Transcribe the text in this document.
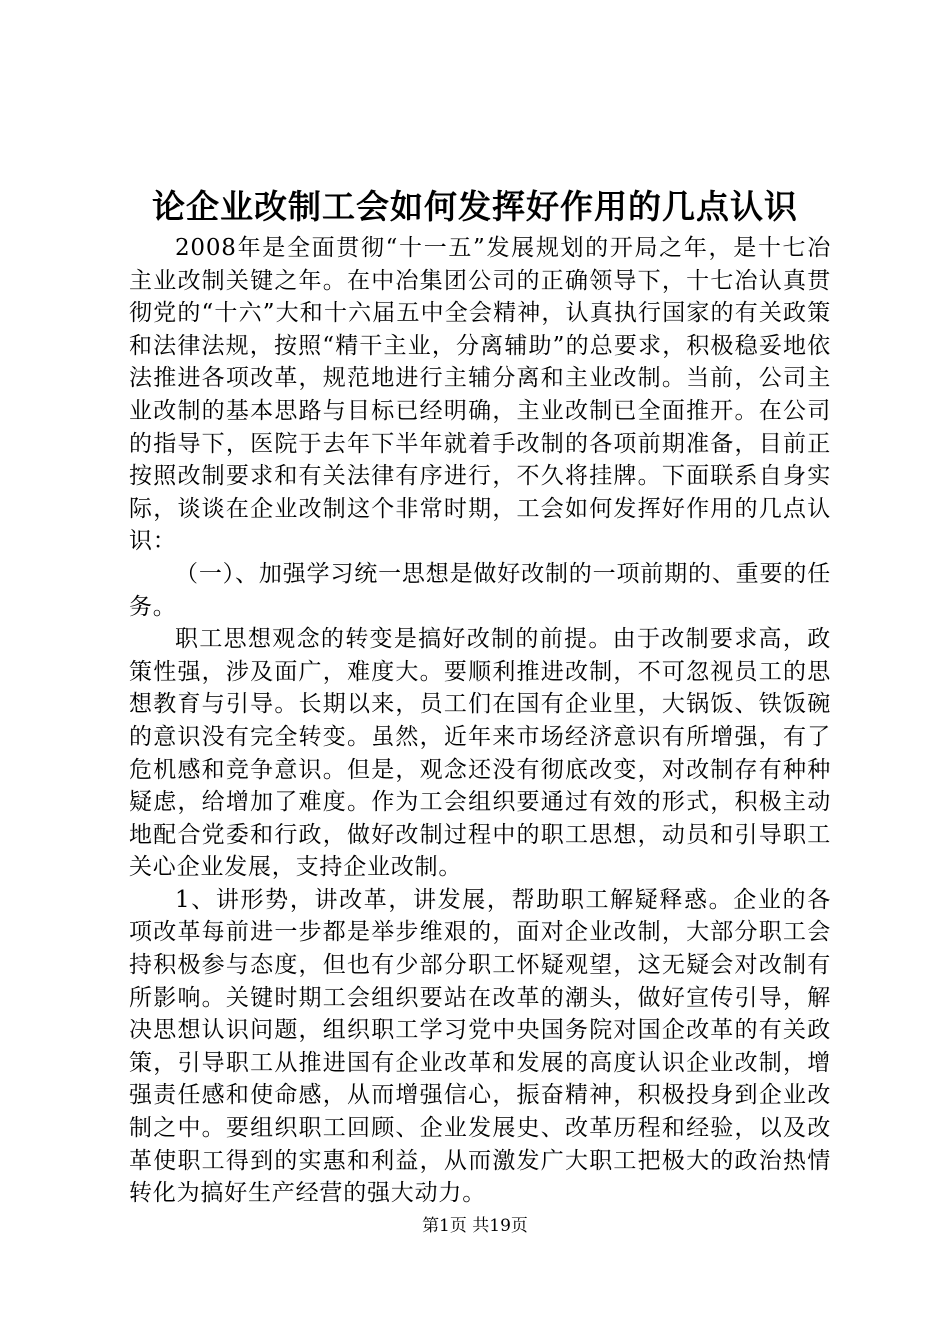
论企业改制工会如何发挥好作用的几点认识

2008年是全面贯彻“十一五”发展规划的开局之年，是十七冶主业改制关键之年。在中冶集团公司的正确领导下，十七冶认真贯彻党的“十六”大和十六届五中全会精神，认真执行国家的有关政策和法律法规，按照“精干主业，分离辅助”的总要求，积极稳妥地依法推进各项改革，规范地进行主辅分离和主业改制。当前，公司主业改制的基本思路与目标已经明确，主业改制已全面推开。在公司的指导下，医院于去年下半年就着手改制的各项前期准备，目前正按照改制要求和有关法律有序进行，不久将挂牌。下面联系自身实际，谈谈在企业改制这个非常时期，工会如何发挥好作用的几点认识：

（一）、加强学习统一思想是做好改制的一项前期的、重要的任务。

职工思想观念的转变是搞好改制的前提。由于改制要求高，政策性强，涉及面广，难度大。要顺利推进改制，不可忽视员工的思想教育与引导。长期以来，员工们在国有企业里，大锅饭、铁饭碗的意识没有完全转变。虽然，近年来市场经济意识有所增强，有了危机感和竞争意识。但是，观念还没有彻底改变，对改制存有种种疑虑，给增加了难度。作为工会组织要通过有效的形式，积极主动地配合党委和行政，做好改制过程中的职工思想，动员和引导职工关心企业发展，支持企业改制。

1、讲形势，讲改革，讲发展，帮助职工解疑释惑。企业的各项改革每前进一步都是举步维艰的，面对企业改制，大部分职工会持积极参与态度，但也有少部分职工怀疑观望，这无疑会对改制有所影响。关键时期工会组织要站在改革的潮头，做好宣传引导，解决思想认识问题，组织职工学习党中央国务院对国企改革的有关政策，引导职工从推进国有企业改革和发展的高度认识企业改制，增强责任感和使命感，从而增强信心，振奋精神，积极投身到企业改制之中。要组织职工回顾、企业发展史、改革历程和经验，以及改革使职工得到的实惠和利益，从而激发广大职工把极大的政治热情转化为搞好生产经营的强大动力。

第1页 共19页
